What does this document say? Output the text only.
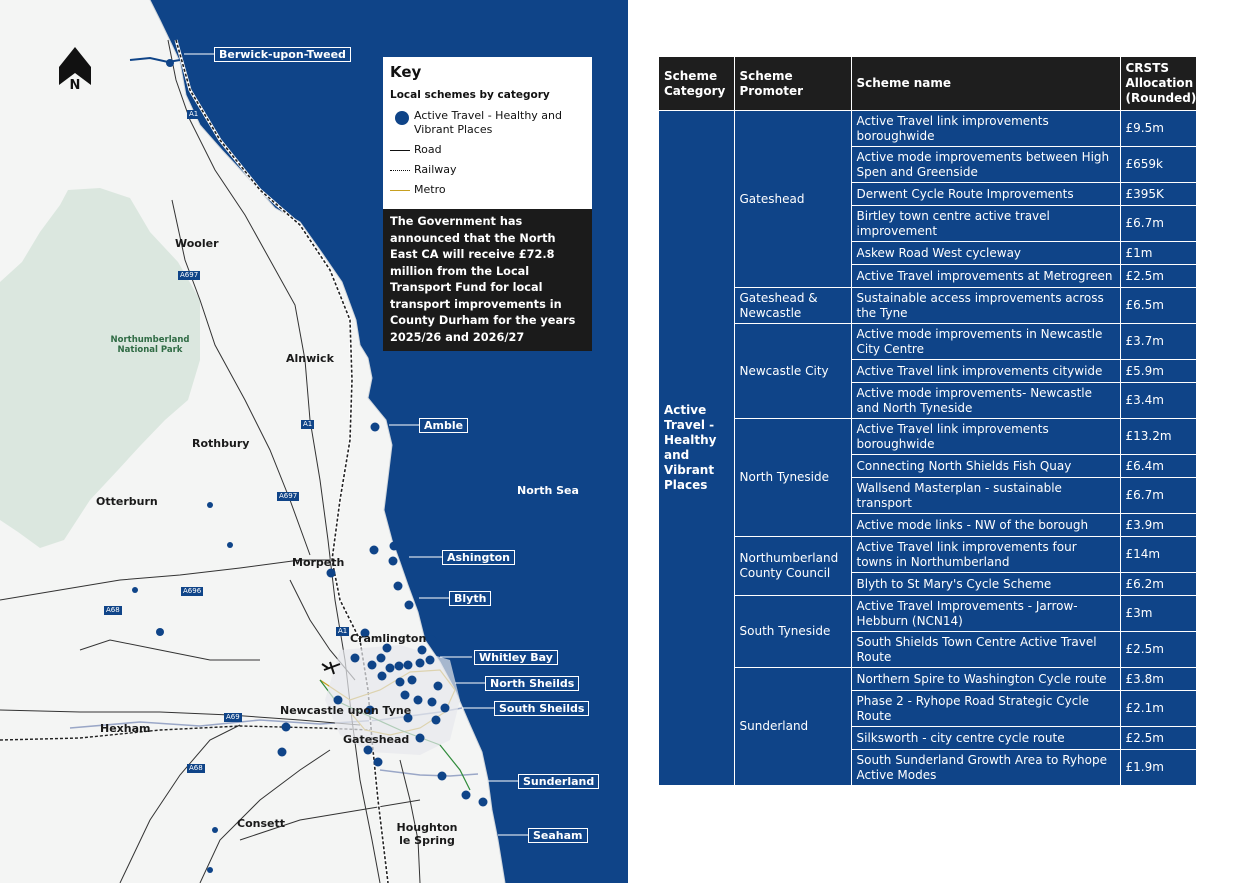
N
Northumberland National Park
North Sea
Wooler
Alnwick
Rothbury
Otterburn
Morpeth
Cramlington
Newcastle upon Tyne
Gateshead
Hexham
Consett	Houghton le Spring
A1
A697
A1
A697
A696
A68
A1
A69
A68
Berwick-upon-Tweed
Amble
Ashington
Blyth
Whitley Bay
North Sheilds
South Sheilds
Sunderland
Seaham
Key
Local schemes by category
Active Travel - Healthy and Vibrant Places
Road
Railway
Metro
The Government has announced that the North East CA will receive £72.8 million from the Local Transport Fund for local transport improvements in County Durham for the years 2025/26 and 2026/27
Scheme Category	Scheme Promoter	Scheme name	CRSTS Allocation (Rounded)
Active Travel - Healthy and Vibrant Places	Gateshead	Active Travel link improvements boroughwide	£9.5m
		Active mode improvements between High Spen and Greenside	£659k
		Derwent Cycle Route Improvements	£395K
		Birtley town centre active travel improvement	£6.7m
		Askew Road West cycleway	£1m
		Active Travel improvements at Metrogreen	£2.5m
	Gateshead & Newcastle	Sustainable access improvements across the Tyne	£6.5m
	Newcastle City	Active mode improvements in Newcastle City Centre	£3.7m
		Active Travel link improvements citywide	£5.9m
		Active mode improvements- Newcastle and North Tyneside	£3.4m
	North Tyneside	Active Travel link improvements boroughwide	£13.2m
		Connecting North Shields Fish Quay	£6.4m
		Wallsend Masterplan - sustainable transport	£6.7m
		Active mode links - NW of the borough	£3.9m
	Northumberland County Council	Active Travel link improvements four towns in Northumberland	£14m
		Blyth to St Mary's Cycle Scheme	£6.2m
	South Tyneside	Active Travel Improvements - Jarrow-Hebburn (NCN14)	£3m
		South Shields Town Centre Active Travel Route	£2.5m
	Sunderland	Northern Spire to Washington Cycle route	£3.8m
		Phase 2 - Ryhope Road Strategic Cycle Route	£2.1m
		Silksworth - city centre cycle route	£2.5m
		South Sunderland Growth Area to Ryhope Active Modes	£1.9m
